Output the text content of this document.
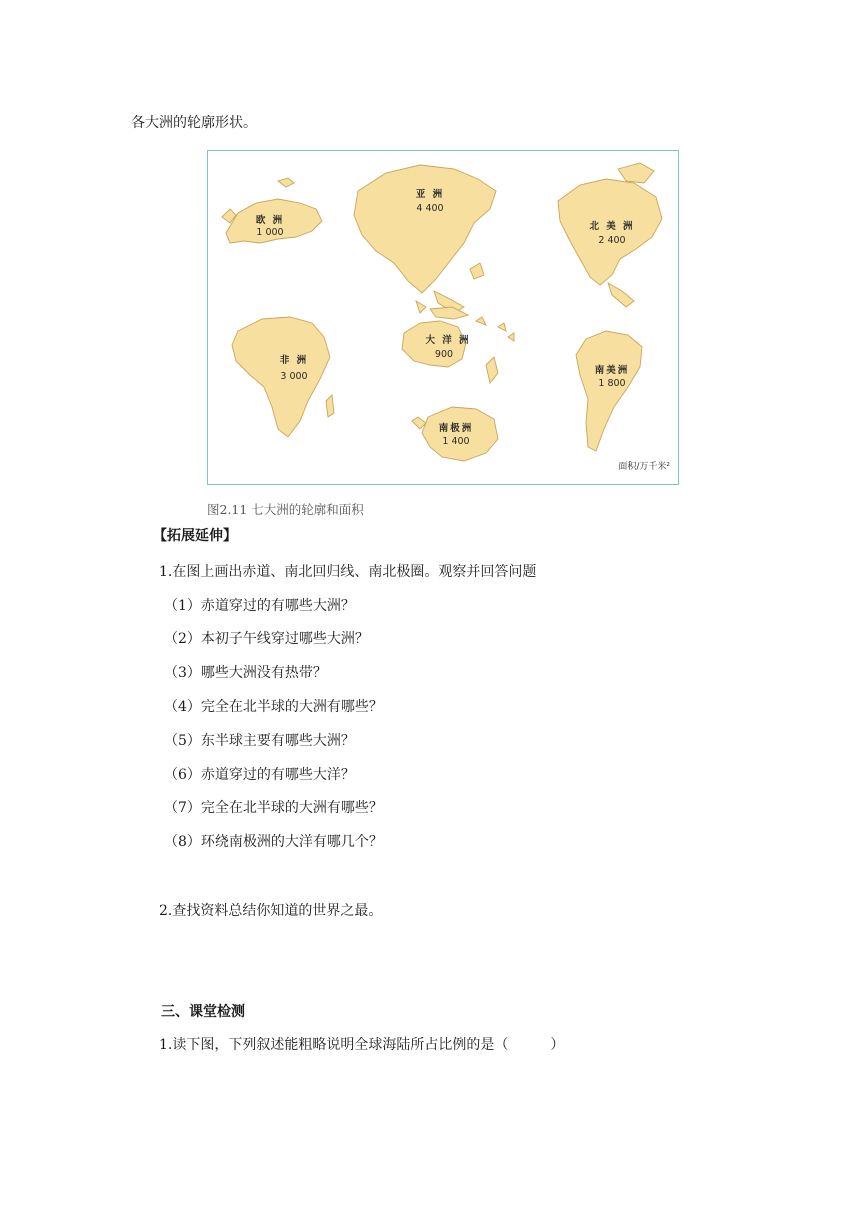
各大洲的轮廓形状。
欧 洲
1 000
亚 洲
4 400
北 美 洲
2 400
非 洲
3 000
大 洋 洲
900
南美洲
1 800
南极洲
1 400
面积/万千米²
图2.11 七大洲的轮廓和面积
【拓展延伸】
1.在图上画出赤道、南北回归线、南北极圈。观察并回答问题
（1）赤道穿过的有哪些大洲？
（2）本初子午线穿过哪些大洲？
（3）哪些大洲没有热带？
（4）完全在北半球的大洲有哪些？
（5）东半球主要有哪些大洲？
（6）赤道穿过的有哪些大洋？
（7）完全在北半球的大洲有哪些？
（8）环绕南极洲的大洋有哪几个？
2.查找资料总结你知道的世界之最。
三、课堂检测
1.读下图，下列叙述能粗略说明全球海陆所占比例的是（　　　）
